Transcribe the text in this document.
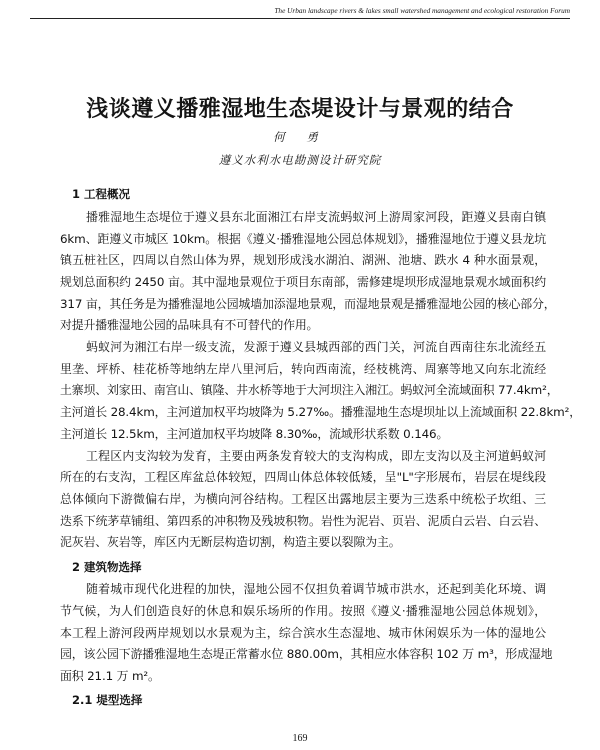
The Urban landscape rivers & lakes small watershed management and ecological restoration Forum
浅谈遵义播雅湿地生态堤设计与景观的结合
何 勇
遵义水利水电勘测设计研究院
1 工程概况
播雅湿地生态堤位于遵义县东北面湘江右岸支流蚂蚁河上游周家河段，距遵义县南白镇
6km、距遵义市城区 10km。根据《遵义·播雅湿地公园总体规划》，播雅湿地位于遵义县龙坑
镇五桩社区，四周以自然山体为界，规划形成浅水湖泊、湖洲、池塘、跌水 4 种水面景观，
规划总面积约 2450 亩。其中湿地景观位于项目东南部，需修建堤坝形成湿地景观水域面积约
317 亩，其任务是为播雅湿地公园城墙加添湿地景观，而湿地景观是播雅湿地公园的核心部分，
对提升播雅湿地公园的品味具有不可替代的作用。
蚂蚁河为湘江右岸一级支流，发源于遵义县城西部的西门关，河流自西南往东北流经五
里垄、坪桥、桂花桥等地纳左岸八里河后，转向西南流，经枝桃湾、周寨等地又向东北流经
土寨坝、刘家田、南宫山、镇隆、井水桥等地于大河坝注入湘江。蚂蚁河全流域面积 77.4km²，
主河道长 28.4km，主河道加权平均坡降为 5.27‰。播雅湿地生态堤坝址以上流域面积 22.8km²，
主河道长 12.5km，主河道加权平均坡降 8.30‰，流域形状系数 0.146。
工程区内支沟较为发育，主要由两条发育较大的支沟构成，即左支沟以及主河道蚂蚁河
所在的右支沟，工程区库盆总体较短，四周山体总体较低矮，呈"L"字形展布，岩层在堤线段
总体倾向下游微偏右岸，为横向河谷结构。工程区出露地层主要为三迭系中统松子坎组、三
迭系下统茅草铺组、第四系的冲积物及残坡积物。岩性为泥岩、页岩、泥质白云岩、白云岩、
泥灰岩、灰岩等，库区内无断层构造切割，构造主要以裂隙为主。
2 建筑物选择
随着城市现代化进程的加快，湿地公园不仅担负着调节城市洪水，还起到美化环境、调
节气候，为人们创造良好的休息和娱乐场所的作用。按照《遵义·播雅湿地公园总体规划》，
本工程上游河段两岸规划以水景观为主，综合滨水生态湿地、城市休闲娱乐为一体的湿地公
园，该公园下游播雅湿地生态堤正常蓄水位 880.00m，其相应水体容积 102 万 m³，形成湿地
面积 21.1 万 m²。
2.1 堤型选择
169
